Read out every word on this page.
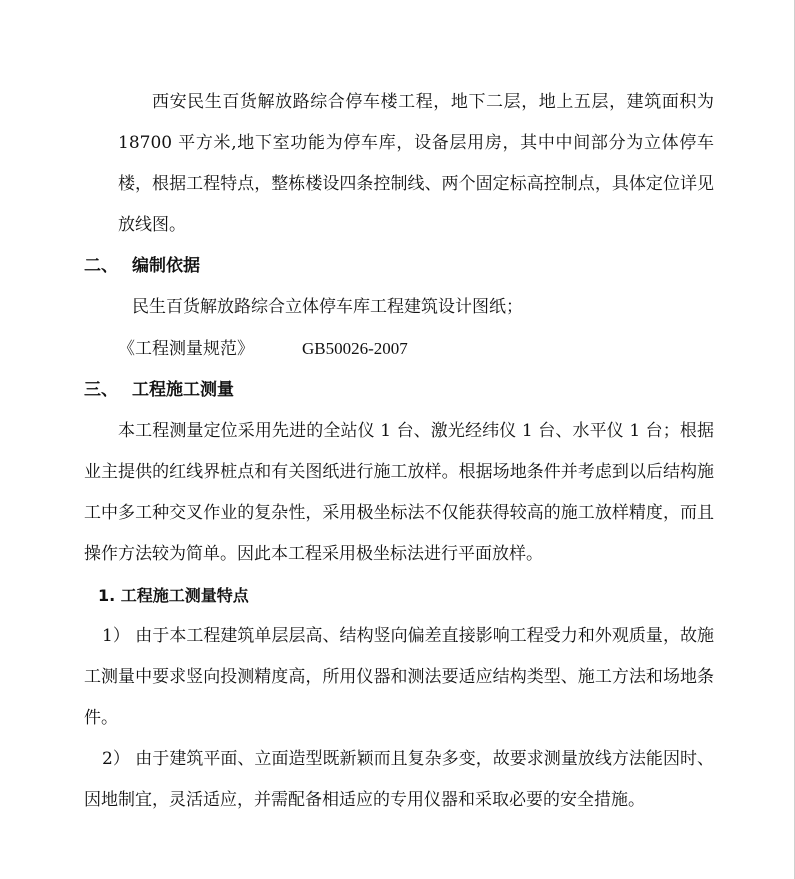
西安民生百货解放路综合停车楼工程，地下二层，地上五层，建筑面积为 18700 平方米,地下室功能为停车库，设备层用房，其中中间部分为立体停车楼，根据工程特点，整栋楼设四条控制线、两个固定标高控制点，具体定位详见放线图。

二、 编制依据

民生百货解放路综合立体停车库工程建筑设计图纸；

《工程测量规范》	GB50026-2007

三、 工程施工测量

本工程测量定位采用先进的全站仪 1 台、激光经纬仪 1 台、水平仪 1 台；根据业主提供的红线界桩点和有关图纸进行施工放样。根据场地条件并考虑到以后结构施工中多工种交叉作业的复杂性，采用极坐标法不仅能获得较高的施工放样精度，而且操作方法较为简单。因此本工程采用极坐标法进行平面放样。

1. 工程施工测量特点

1） 由于本工程建筑单层层高、结构竖向偏差直接影响工程受力和外观质量，故施工测量中要求竖向投测精度高，所用仪器和测法要适应结构类型、施工方法和场地条件。

2） 由于建筑平面、立面造型既新颖而且复杂多变，故要求测量放线方法能因时、因地制宜，灵活适应，并需配备相适应的专用仪器和采取必要的安全措施。
